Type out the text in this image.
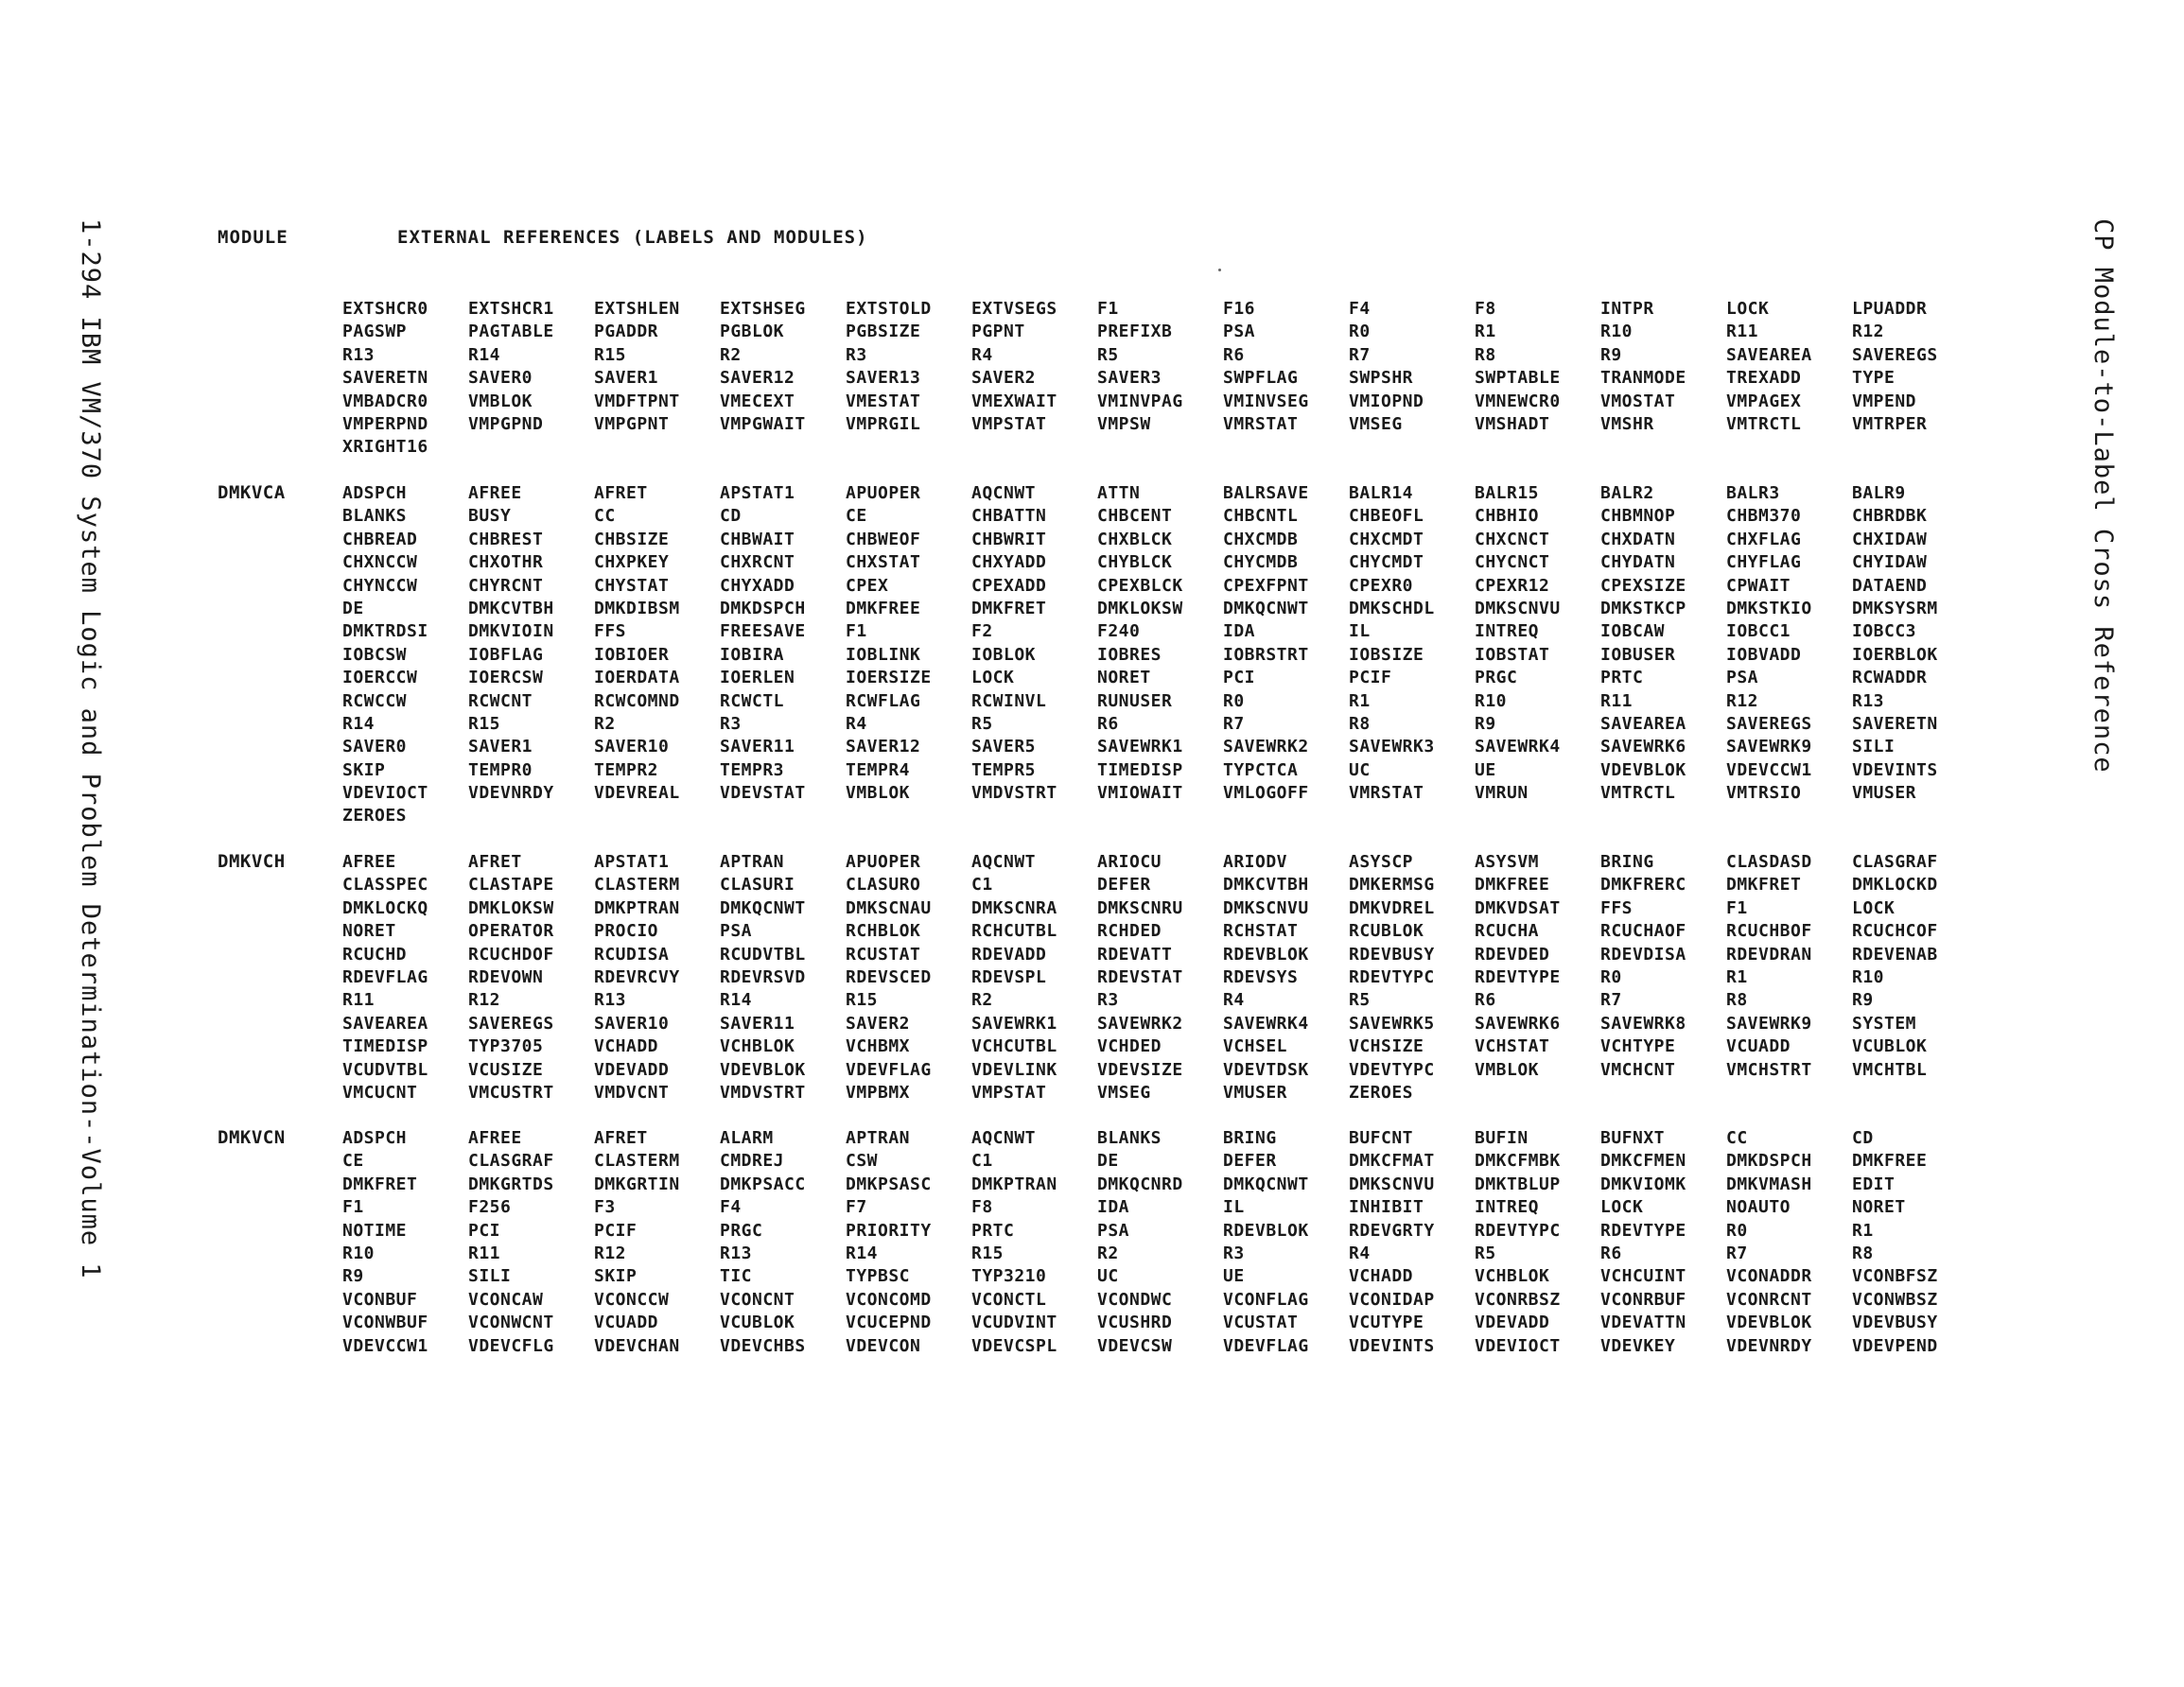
1-294 IBM VM/370 System Logic and Problem Determination--Volume 1	CP Module-to-Label Cross Reference
MODULE	EXTERNAL REFERENCES (LABELS AND MODULES)
EXTSHCR0	EXTSHCR1	EXTSHLEN	EXTSHSEG	EXTSTOLD	EXTVSEGS	F1	F16	F4	F8	INTPR	LOCK	LPUADDR
PAGSWP	PAGTABLE	PGADDR	PGBLOK	PGBSIZE	PGPNT	PREFIXB	PSA	R0	R1	R10	R11	R12
R13	R14	R15	R2	R3	R4	R5	R6	R7	R8	R9	SAVEAREA	SAVEREGS
SAVERETN	SAVER0	SAVER1	SAVER12	SAVER13	SAVER2	SAVER3	SWPFLAG	SWPSHR	SWPTABLE	TRANMODE	TREXADD	TYPE
VMBADCR0	VMBLOK	VMDFTPNT	VMECEXT	VMESTAT	VMEXWAIT	VMINVPAG	VMINVSEG	VMIOPND	VMNEWCR0	VMOSTAT	VMPAGEX	VMPEND
VMPERPND	VMPGPND	VMPGPNT	VMPGWAIT	VMPRGIL	VMPSTAT	VMPSW	VMRSTAT	VMSEG	VMSHADT	VMSHR	VMTRCTL	VMTRPER
XRIGHT16
DMKVCA	ADSPCH	AFREE	AFRET	APSTAT1	APUOPER	AQCNWT	ATTN	BALRSAVE	BALR14	BALR15	BALR2	BALR3	BALR9
BLANKS	BUSY	CC	CD	CE	CHBATTN	CHBCENT	CHBCNTL	CHBEOFL	CHBHIO	CHBMNOP	CHBM370	CHBRDBK
CHBREAD	CHBREST	CHBSIZE	CHBWAIT	CHBWEOF	CHBWRIT	CHXBLCK	CHXCMDB	CHXCMDT	CHXCNCT	CHXDATN	CHXFLAG	CHXIDAW
CHXNCCW	CHXOTHR	CHXPKEY	CHXRCNT	CHXSTAT	CHXYADD	CHYBLCK	CHYCMDB	CHYCMDT	CHYCNCT	CHYDATN	CHYFLAG	CHYIDAW
CHYNCCW	CHYRCNT	CHYSTAT	CHYXADD	CPEX	CPEXADD	CPEXBLCK	CPEXFPNT	CPEXR0	CPEXR12	CPEXSIZE	CPWAIT	DATAEND
DE	DMKCVTBH	DMKDIBSM	DMKDSPCH	DMKFREE	DMKFRET	DMKLOKSW	DMKQCNWT	DMKSCHDL	DMKSCNVU	DMKSTKCP	DMKSTKIO	DMKSYSRM
DMKTRDSI	DMKVIOIN	FFS	FREESAVE	F1	F2	F240	IDA	IL	INTREQ	IOBCAW	IOBCC1	IOBCC3
IOBCSW	IOBFLAG	IOBIOER	IOBIRA	IOBLINK	IOBLOK	IOBRES	IOBRSTRT	IOBSIZE	IOBSTAT	IOBUSER	IOBVADD	IOERBLOK
IOERCCW	IOERCSW	IOERDATA	IOERLEN	IOERSIZE	LOCK	NORET	PCI	PCIF	PRGC	PRTC	PSA	RCWADDR
RCWCCW	RCWCNT	RCWCOMND	RCWCTL	RCWFLAG	RCWINVL	RUNUSER	R0	R1	R10	R11	R12	R13
R14	R15	R2	R3	R4	R5	R6	R7	R8	R9	SAVEAREA	SAVEREGS	SAVERETN
SAVER0	SAVER1	SAVER10	SAVER11	SAVER12	SAVER5	SAVEWRK1	SAVEWRK2	SAVEWRK3	SAVEWRK4	SAVEWRK6	SAVEWRK9	SILI
SKIP	TEMPR0	TEMPR2	TEMPR3	TEMPR4	TEMPR5	TIMEDISP	TYPCTCA	UC	UE	VDEVBLOK	VDEVCCW1	VDEVINTS
VDEVIOCT	VDEVNRDY	VDEVREAL	VDEVSTAT	VMBLOK	VMDVSTRT	VMIOWAIT	VMLOGOFF	VMRSTAT	VMRUN	VMTRCTL	VMTRSIO	VMUSER
ZEROES
DMKVCH	AFREE	AFRET	APSTAT1	APTRAN	APUOPER	AQCNWT	ARIOCU	ARIODV	ASYSCP	ASYSVM	BRING	CLASDASD	CLASGRAF
CLASSPEC	CLASTAPE	CLASTERM	CLASURI	CLASURO	C1	DEFER	DMKCVTBH	DMKERMSG	DMKFREE	DMKFRERC	DMKFRET	DMKLOCKD
DMKLOCKQ	DMKLOKSW	DMKPTRAN	DMKQCNWT	DMKSCNAU	DMKSCNRA	DMKSCNRU	DMKSCNVU	DMKVDREL	DMKVDSAT	FFS	F1	LOCK
NORET	OPERATOR	PROCIO	PSA	RCHBLOK	RCHCUTBL	RCHDED	RCHSTAT	RCUBLOK	RCUCHA	RCUCHAOF	RCUCHBOF	RCUCHCOF
RCUCHD	RCUCHDOF	RCUDISA	RCUDVTBL	RCUSTAT	RDEVADD	RDEVATT	RDEVBLOK	RDEVBUSY	RDEVDED	RDEVDISA	RDEVDRAN	RDEVENAB
RDEVFLAG	RDEVOWN	RDEVRCVY	RDEVRSVD	RDEVSCED	RDEVSPL	RDEVSTAT	RDEVSYS	RDEVTYPC	RDEVTYPE	R0	R1	R10
R11	R12	R13	R14	R15	R2	R3	R4	R5	R6	R7	R8	R9
SAVEAREA	SAVEREGS	SAVER10	SAVER11	SAVER2	SAVEWRK1	SAVEWRK2	SAVEWRK4	SAVEWRK5	SAVEWRK6	SAVEWRK8	SAVEWRK9	SYSTEM
TIMEDISP	TYP3705	VCHADD	VCHBLOK	VCHBMX	VCHCUTBL	VCHDED	VCHSEL	VCHSIZE	VCHSTAT	VCHTYPE	VCUADD	VCUBLOK
VCUDVTBL	VCUSIZE	VDEVADD	VDEVBLOK	VDEVFLAG	VDEVLINK	VDEVSIZE	VDEVTDSK	VDEVTYPC	VMBLOK	VMCHCNT	VMCHSTRT	VMCHTBL
VMCUCNT	VMCUSTRT	VMDVCNT	VMDVSTRT	VMPBMX	VMPSTAT	VMSEG	VMUSER	ZEROES
DMKVCN	ADSPCH	AFREE	AFRET	ALARM	APTRAN	AQCNWT	BLANKS	BRING	BUFCNT	BUFIN	BUFNXT	CC	CD
CE	CLASGRAF	CLASTERM	CMDREJ	CSW	C1	DE	DEFER	DMKCFMAT	DMKCFMBK	DMKCFMEN	DMKDSPCH	DMKFREE
DMKFRET	DMKGRTDS	DMKGRTIN	DMKPSACC	DMKPSASC	DMKPTRAN	DMKQCNRD	DMKQCNWT	DMKSCNVU	DMKTBLUP	DMKVIOMK	DMKVMASH	EDIT
F1	F256	F3	F4	F7	F8	IDA	IL	INHIBIT	INTREQ	LOCK	NOAUTO	NORET
NOTIME	PCI	PCIF	PRGC	PRIORITY	PRTC	PSA	RDEVBLOK	RDEVGRTY	RDEVTYPC	RDEVTYPE	R0	R1
R10	R11	R12	R13	R14	R15	R2	R3	R4	R5	R6	R7	R8
R9	SILI	SKIP	TIC	TYPBSC	TYP3210	UC	UE	VCHADD	VCHBLOK	VCHCUINT	VCONADDR	VCONBFSZ
VCONBUF	VCONCAW	VCONCCW	VCONCNT	VCONCOMD	VCONCTL	VCONDWC	VCONFLAG	VCONIDAP	VCONRBSZ	VCONRBUF	VCONRCNT	VCONWBSZ
VCONWBUF	VCONWCNT	VCUADD	VCUBLOK	VCUCEPND	VCUDVINT	VCUSHRD	VCUSTAT	VCUTYPE	VDEVADD	VDEVATTN	VDEVBLOK	VDEVBUSY
VDEVCCW1	VDEVCFLG	VDEVCHAN	VDEVCHBS	VDEVCON	VDEVCSPL	VDEVCSW	VDEVFLAG	VDEVINTS	VDEVIOCT	VDEVKEY	VDEVNRDY	VDEVPEND
